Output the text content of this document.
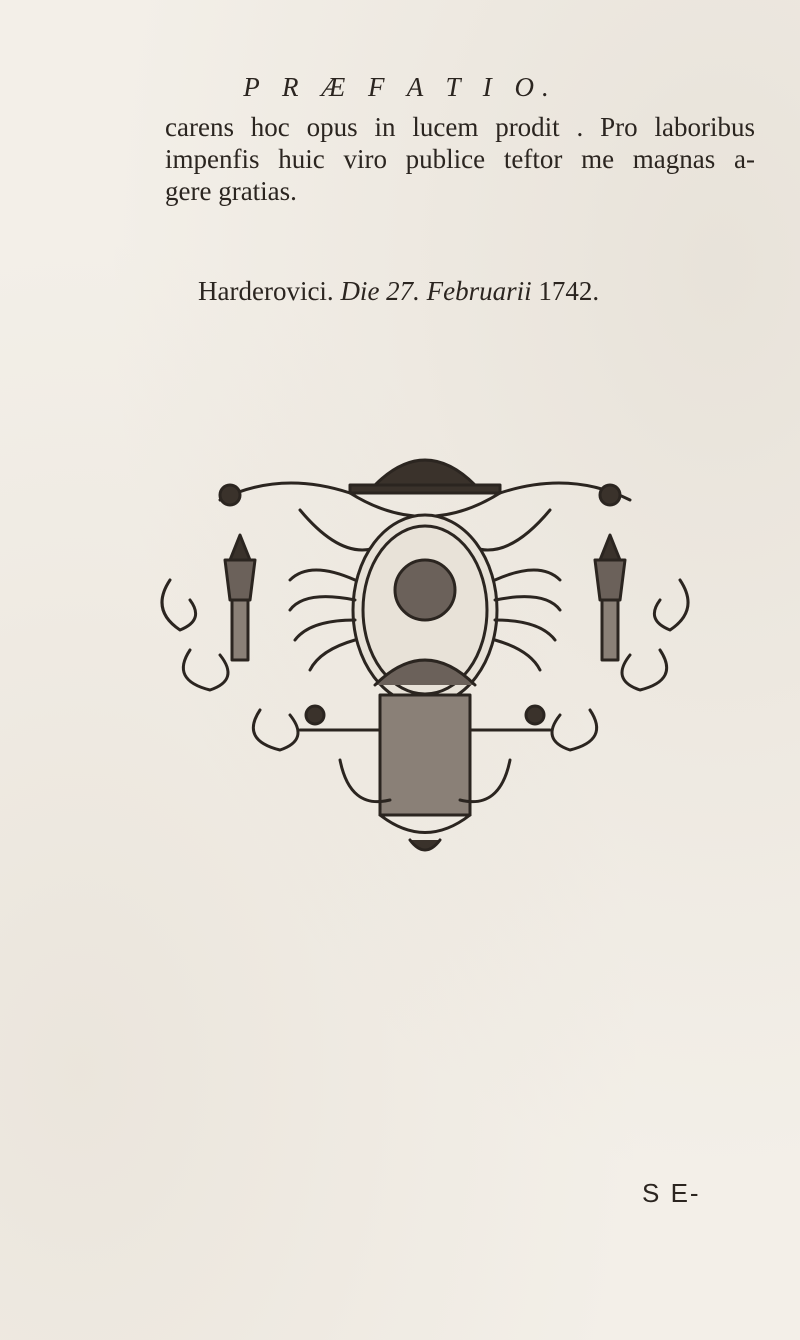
P R Æ F A T I O.
carens hoc opus in lucem prodit . Pro laboribus
impenfis huic viro publice teftor me magnas a-
gere gratias.
Harderovici. Die 27. Februarii 1742.
S E-
